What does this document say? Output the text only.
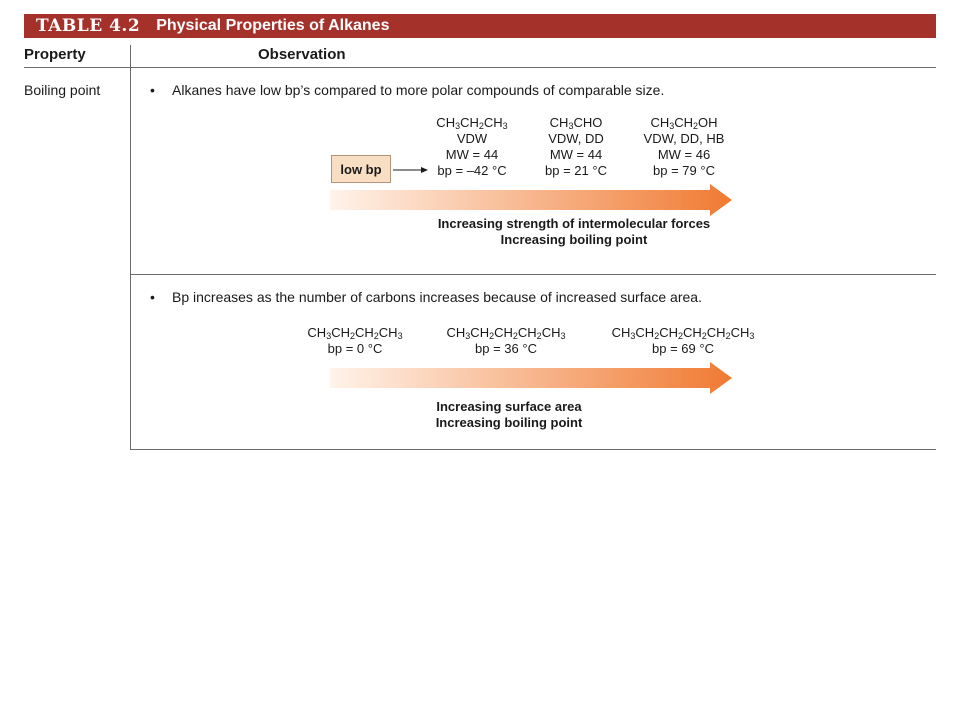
TABLE 4.2 Physical Properties of Alkanes
Property	Observation
Boiling point	• Alkanes have low bp’s compared to more polar compounds of comparable size.
$CH_3CH_2CH_3$
VDW
MW = 44
bp = –42 °C
$CH_3CHO$
VDW, DD
MW = 44
bp = 21 °C
$CH_3CH_2OH$
VDW, DD, HB
MW = 46
bp = 79 °C
low bp
Increasing strength of intermolecular forces
Increasing boiling point
• Bp increases as the number of carbons increases because of increased surface area.
$CH_3CH_2CH_2CH_3$
bp = 0 °C
$CH_3CH_2CH_2CH_2CH_3$
bp = 36 °C
$CH_3CH_2CH_2CH_2CH_2CH_3$
bp = 69 °C
Increasing surface area
Increasing boiling point
